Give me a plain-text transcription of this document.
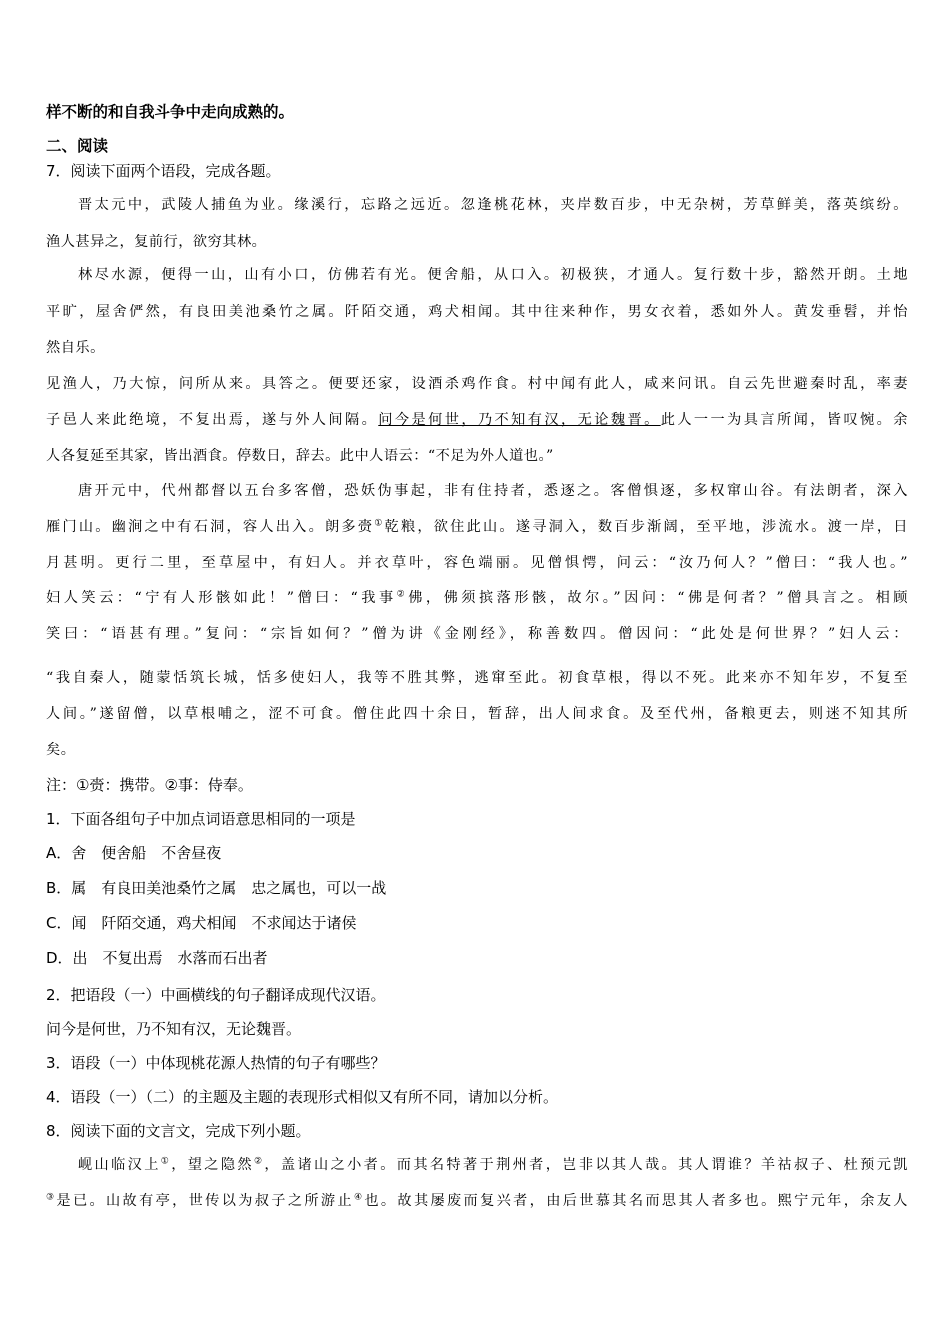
样不断的和自我斗争中走向成熟的。
二、阅读
7．阅读下面两个语段，完成各题。
晋太元中，武陵人捕鱼为业。缘溪行，忘路之远近。忽逢桃花林，夹岸数百步，中无杂树，芳草鲜美，落英缤纷。
渔人甚异之，复前行，欲穷其林。
林尽水源，便得一山，山有小口，仿佛若有光。便舍船，从口入。初极狭，才通人。复行数十步，豁然开朗。土地
平旷，屋舍俨然，有良田美池桑竹之属。阡陌交通，鸡犬相闻。其中往来种作，男女衣着，悉如外人。黄发垂髫，并怡
然自乐。
见渔人，乃大惊，问所从来。具答之。便要还家，设酒杀鸡作食。村中闻有此人，咸来问讯。自云先世避秦时乱，率妻
子邑人来此绝境，不复出焉，遂与外人间隔。问今是何世，乃不知有汉，无论魏晋。此人一一为具言所闻，皆叹惋。余
人各复延至其家，皆出酒食。停数日，辞去。此中人语云：“不足为外人道也。”
唐开元中，代州都督以五台多客僧，恐妖伪事起，非有住持者，悉逐之。客僧惧逐，多权窜山谷。有法朗者，深入
雁门山。幽涧之中有石洞，容人出入。朗多赍①乾粮，欲住此山。遂寻洞入，数百步渐阔，至平地，涉流水。渡一岸，日
月甚明。更行二里，至草屋中，有妇人。并衣草叶，容色端丽。见僧惧愕，问云：“汝乃何人？”僧曰：“我人也。”
妇人笑云：“宁有人形骸如此！”僧曰：“我事②佛，佛须摈落形骸，故尔。”因问：“佛是何者？”僧具言之。相顾
笑曰：“语甚有理。”复问：“宗旨如何？”僧为讲《金刚经》，称善数四。僧因问：“此处是何世界？”妇人云：
“我自秦人，随蒙恬筑长城，恬多使妇人，我等不胜其弊，逃窜至此。初食草根，得以不死。此来亦不知年岁，不复至
人间。”遂留僧，以草根哺之，涩不可食。僧住此四十余日，暂辞，出人间求食。及至代州，备粮更去，则迷不知其所
矣。
注：①赍：携带。②事：侍奉。
1．下面各组句子中加点词语意思相同的一项是
A．舍　便舍船　不舍昼夜
B．属　有良田美池桑竹之属　忠之属也，可以一战
C．闻　阡陌交通，鸡犬相闻　不求闻达于诸侯
D．出　不复出焉　水落而石出者
2．把语段（一）中画横线的句子翻译成现代汉语。
问今是何世，乃不知有汉，无论魏晋。
3．语段（一）中体现桃花源人热情的句子有哪些？
4．语段（一）（二）的主题及主题的表现形式相似又有所不同，请加以分析。
8．阅读下面的文言文，完成下列小题。
岘山临汉上①，望之隐然②，盖诸山之小者。而其名特著于荆州者，岂非以其人哉。其人谓谁？羊祜叔子、杜预元凯
③是已。山故有亭，世传以为叔子之所游止④也。故其屡废而复兴者，由后世慕其名而思其人者多也。熙宁元年，余友人
